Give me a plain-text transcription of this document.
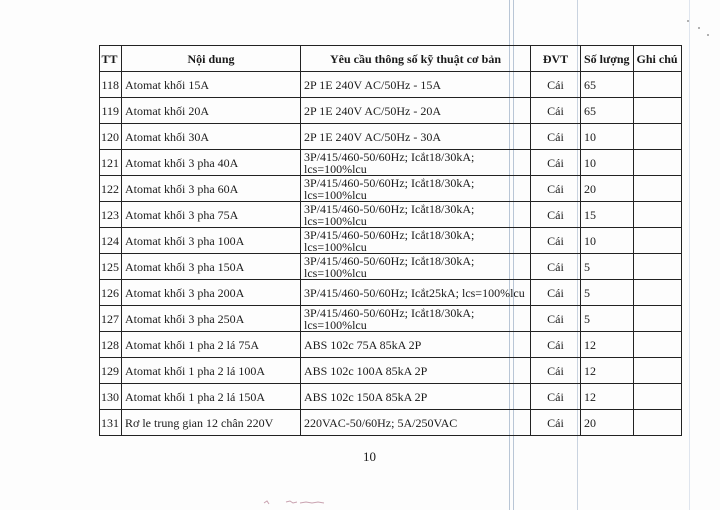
TT	Nội dung	Yêu cầu thông số kỹ thuật cơ bản	ĐVT	Số lượng	Ghi chú
118	Atomat khối 15A	2P 1E 240V AC/50Hz - 15A	Cái	65	
119	Atomat khối 20A	2P 1E 240V AC/50Hz - 20A	Cái	65	
120	Atomat khối 30A	2P 1E 240V AC/50Hz - 30A	Cái	10	
121	Atomat khối 3 pha 40A	3P/415/460-50/60Hz; Icắt18/30kA; lcs=100%lcu	Cái	10	
122	Atomat khối 3 pha 60A	3P/415/460-50/60Hz; Icắt18/30kA; lcs=100%lcu	Cái	20	
123	Atomat khối 3 pha 75A	3P/415/460-50/60Hz; Icắt18/30kA; lcs=100%lcu	Cái	15	
124	Atomat khối 3 pha 100A	3P/415/460-50/60Hz; Icắt18/30kA; lcs=100%lcu	Cái	10	
125	Atomat khối 3 pha 150A	3P/415/460-50/60Hz; Icắt18/30kA; lcs=100%lcu	Cái	5	
126	Atomat khối 3 pha 200A	3P/415/460-50/60Hz; Icắt25kA; lcs=100%lcu	Cái	5	
127	Atomat khối 3 pha 250A	3P/415/460-50/60Hz; Icắt18/30kA; lcs=100%lcu	Cái	5	
128	Atomat khối 1 pha 2 lá 75A	ABS 102c 75A 85kA 2P	Cái	12	
129	Atomat khối 1 pha 2 lá 100A	ABS 102c 100A 85kA 2P	Cái	12	
130	Atomat khối 1 pha 2 lá 150A	ABS 102c 150A 85kA 2P	Cái	12	
131	Rơ le trung gian 12 chân 220V	220VAC-50/60Hz; 5A/250VAC	Cái	20	
10
